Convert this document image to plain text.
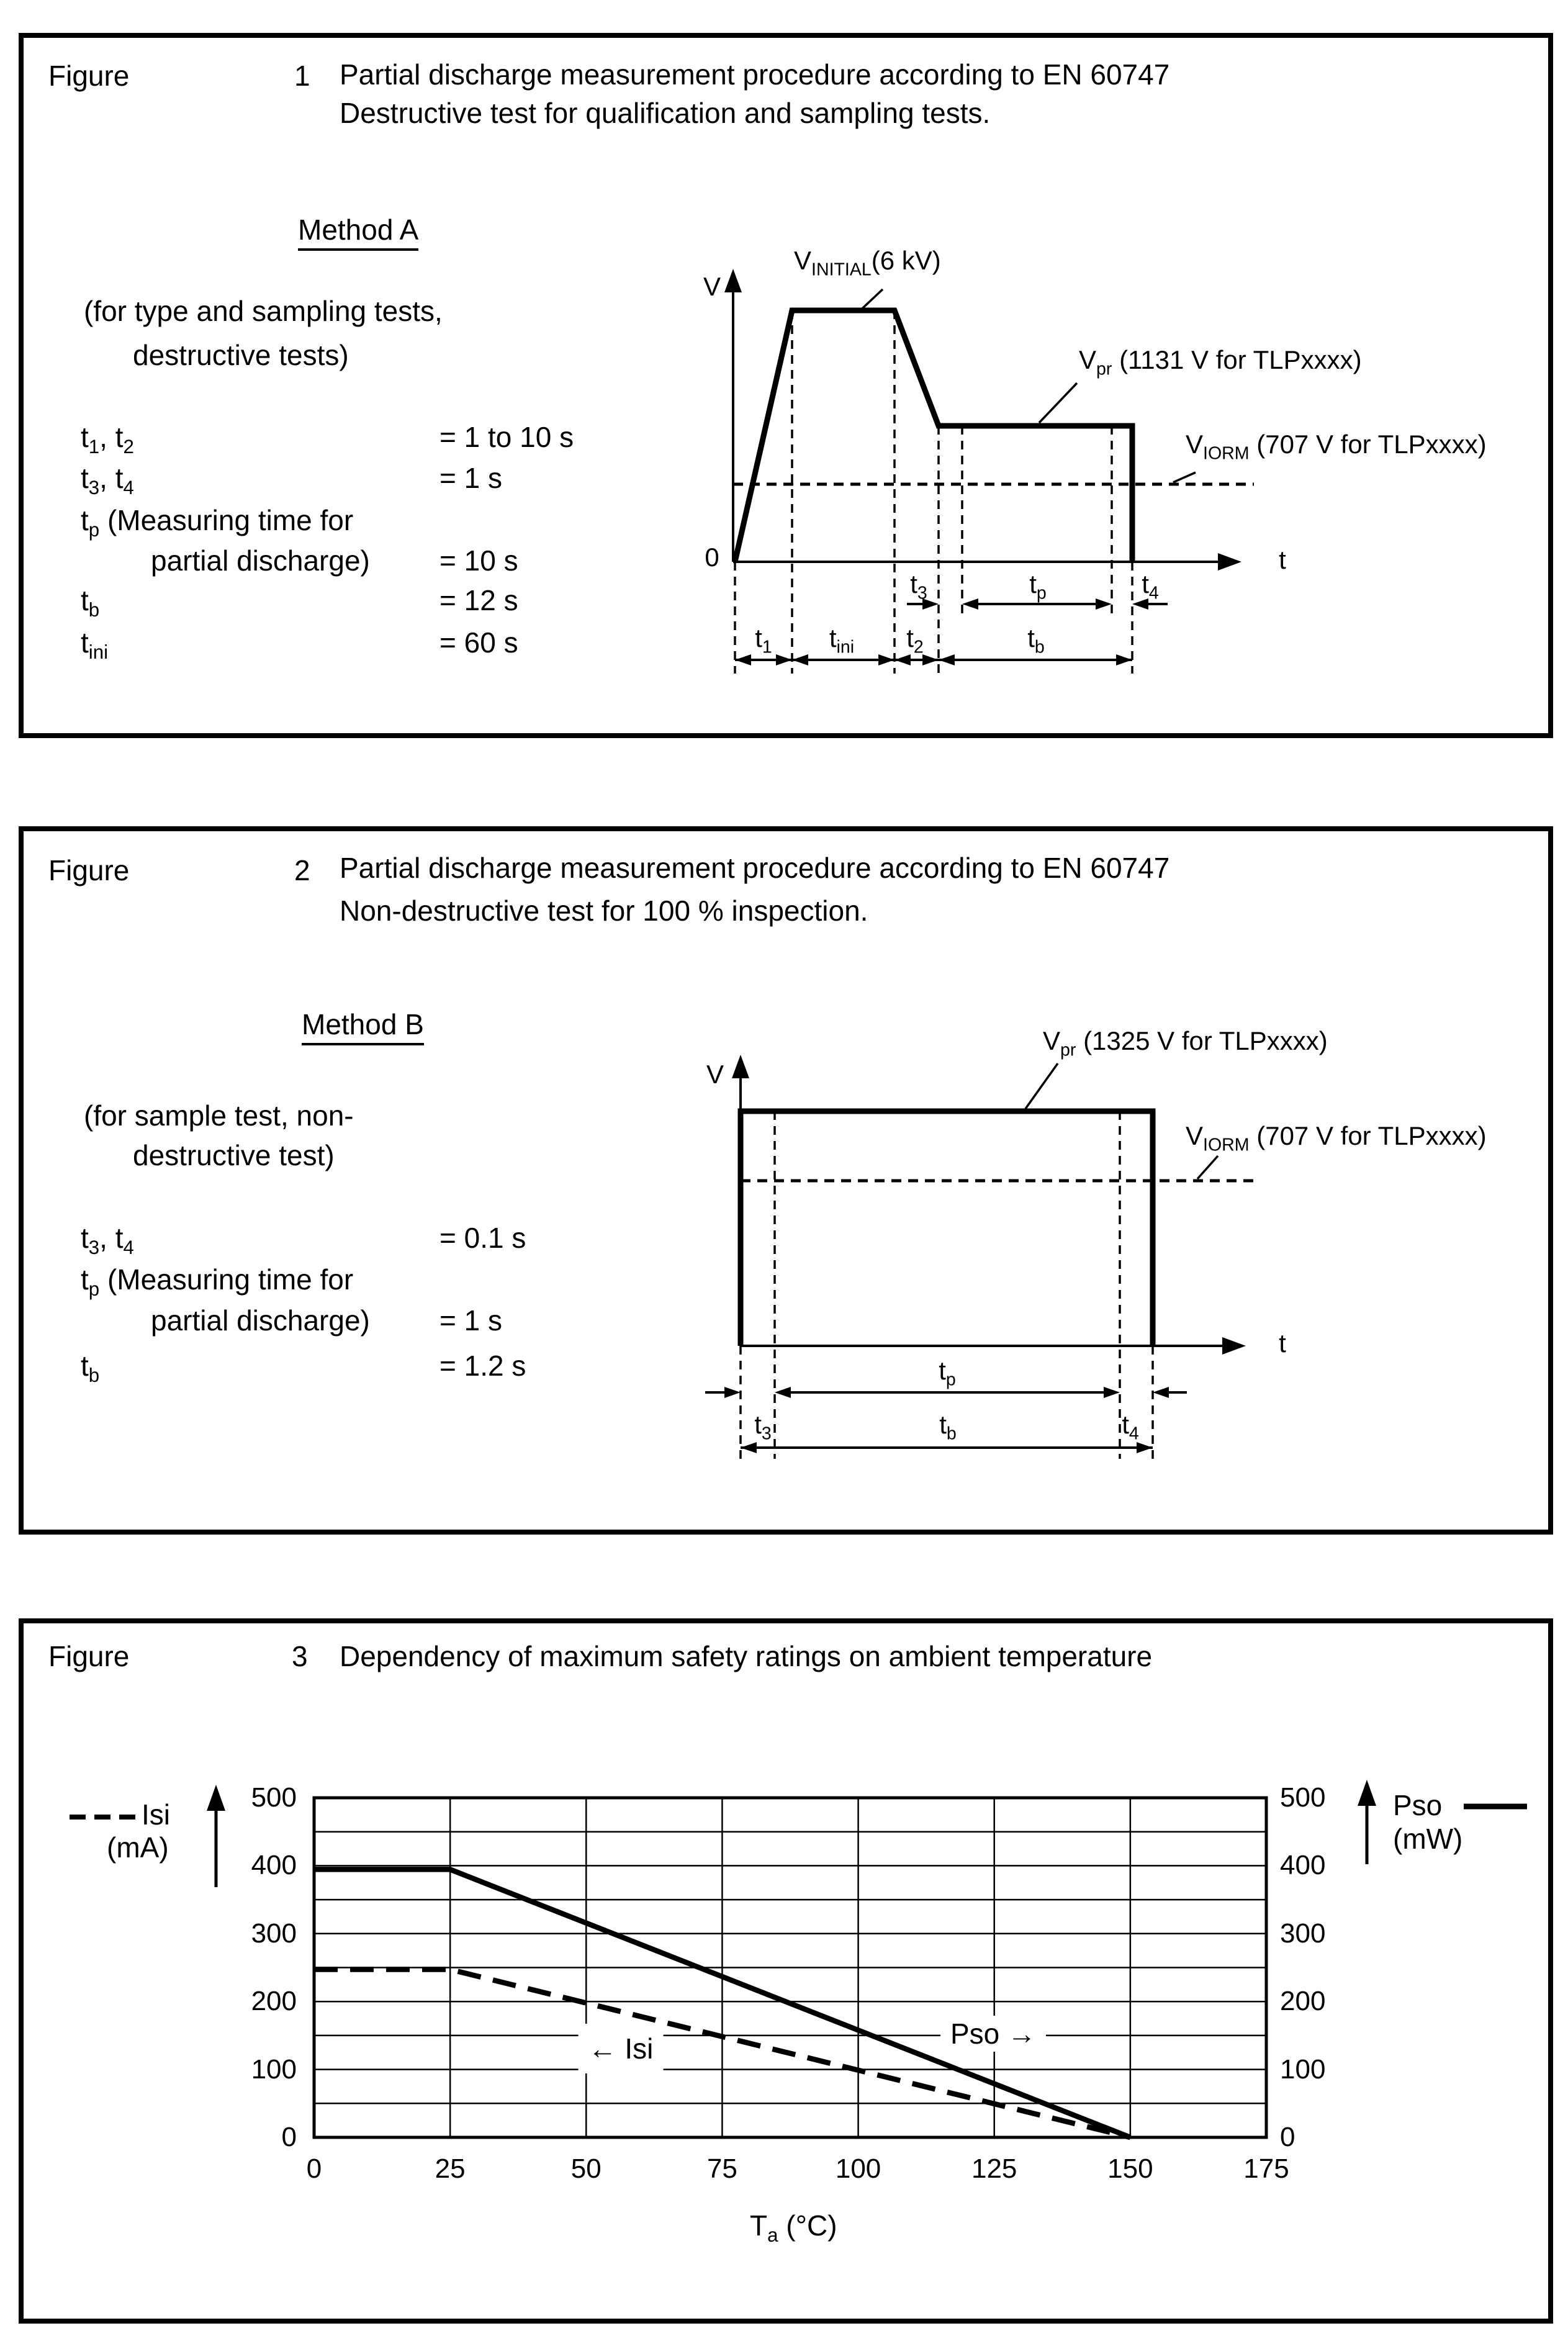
Figure	1 Partial discharge measurement procedure according to EN 60747
Destructive test for qualification and sampling tests.
Method A
(for type and sampling tests,
destructive tests)
$t_1$, $t_2$	= 1 to 10 s
$t_3$, $t_4$	= 1 s
$t_p$ (Measuring time for
partial discharge) = 10 s
$t_b$	= 12 s
$t_{ini}$	= 60 s
V
0	t
$V_{INITIAL}(6$ kV)
$V_{pr}$ (1131 V for TLPxxxx)
$V_{IORM}$ (707 V for TLPxxxx)
$t_3$	$t_p$	$t_4$
$t_1$ $t_{ini}$ $t_2$	$t_b$
Figure	2 Partial discharge measurement procedure according to EN 60747
Non-destructive test for 100 % inspection.
Method B
(for sample test, non-
destructive test)
$t_3$, $t_4$	= 0.1 s
$t_p$ (Measuring time for
partial discharge) = 1 s
$t_b$	= 1.2 s
V
t
$V_{pr}$ (1325 V for TLPxxxx)
$V_{IORM}$ (707 V for TLPxxxx)
$t_p$
$t_3$	$t_b$	$t_4$
Figure	3 Dependency of maximum safety ratings on ambient temperature
Isi
(mA)
Pso
(mW)
← Isi	Pso →
$T_a$ (°C)
0	0
100	100
200	200
300	300
400	400
500	500
0	25	50	75	100	125	150	175
